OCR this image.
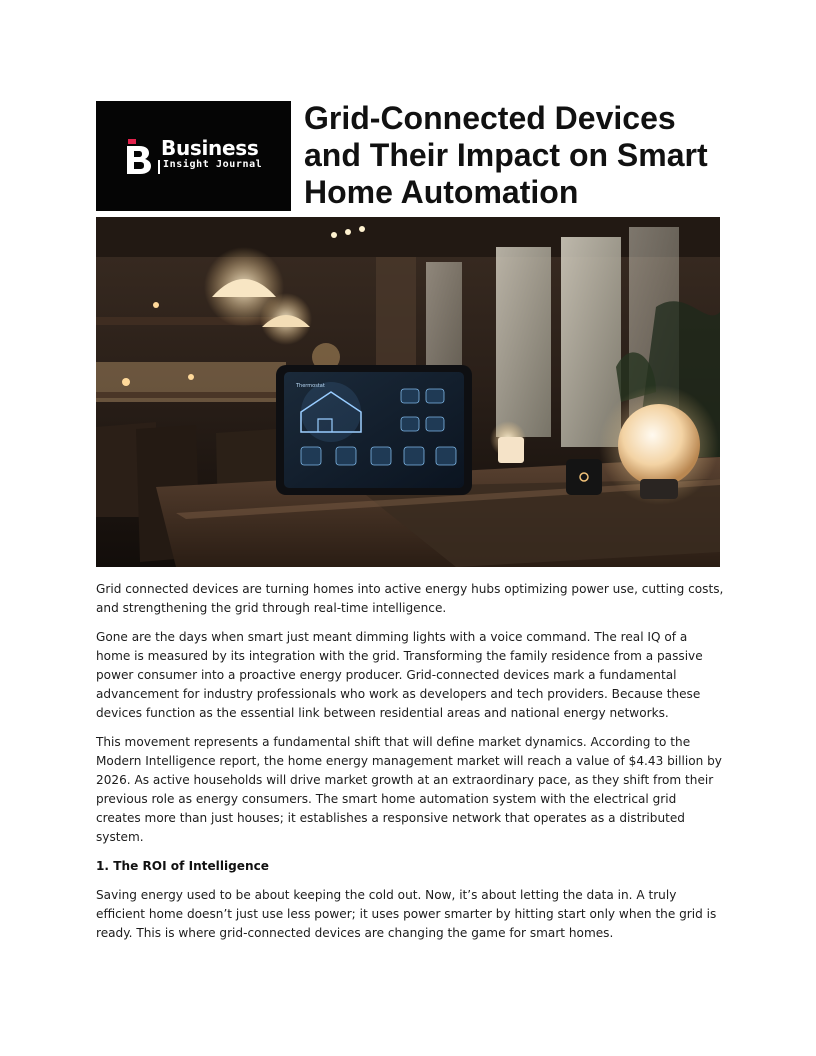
Business
Insight Journal
Grid-Connected Devices and Their Impact on Smart Home Automation
Thermostat

Grid connected devices are turning homes into active energy hubs optimizing power use, cutting costs, and strengthening the grid through real-time intelligence.

Gone are the days when smart just meant dimming lights with a voice command. The real IQ of a home is measured by its integration with the grid. Transforming the family residence from a passive power consumer into a proactive energy producer. Grid-connected devices mark a fundamental advancement for industry professionals who work as developers and tech providers. Because these devices function as the essential link between residential areas and national energy networks.

This movement represents a fundamental shift that will define market dynamics. According to the Modern Intelligence report, the home energy management market will reach a value of $4.43 billion by 2026. As active households will drive market growth at an extraordinary pace, as they shift from their previous role as energy consumers. The smart home automation system with the electrical grid creates more than just houses; it establishes a responsive network that operates as a distributed system.

1. The ROI of Intelligence

Saving energy used to be about keeping the cold out. Now, it’s about letting the data in. A truly efficient home doesn’t just use less power; it uses power smarter by hitting start only when the grid is ready. This is where grid-connected devices are changing the game for smart homes.
